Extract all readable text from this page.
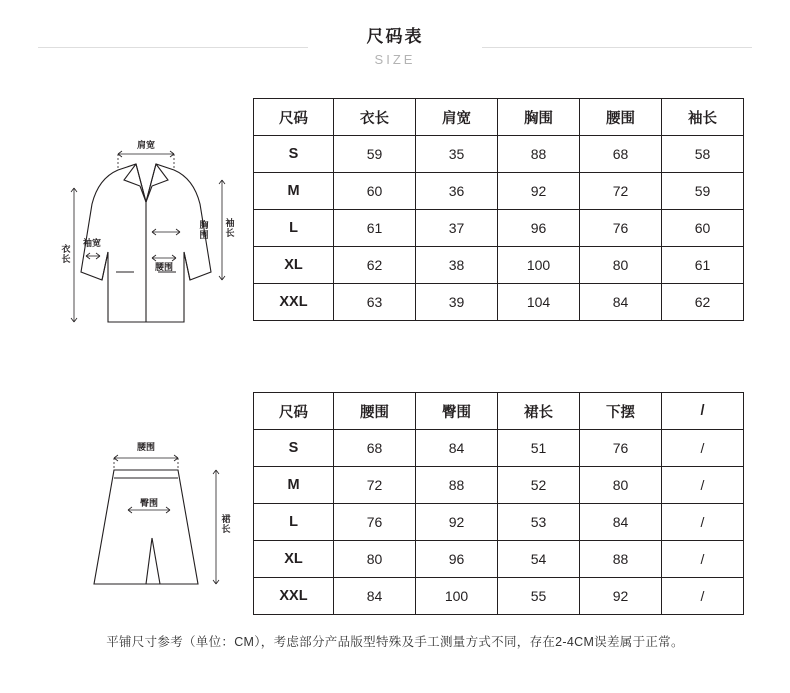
尺码表
SIZE
肩宽
衣长
袖长
胸围
腰围
袖宽
尺码	衣长	肩宽	胸围	腰围	袖长
S	59	35	88	68	58
M	60	36	92	72	59
L	61	37	96	76	60
XL	62	38	100	80	61
XXL	63	39	104	84	62
腰围
臀围
裙长
尺码	腰围	臀围	裙长	下摆	/
S	68	84	51	76	/
M	72	88	52	80	/
L	76	92	53	84	/
XL	80	96	54	88	/
XXL	84	100	55	92	/
平铺尺寸参考（单位：CM），考虑部分产品版型特殊及手工测量方式不同，存在2-4CM误差属于正常。
